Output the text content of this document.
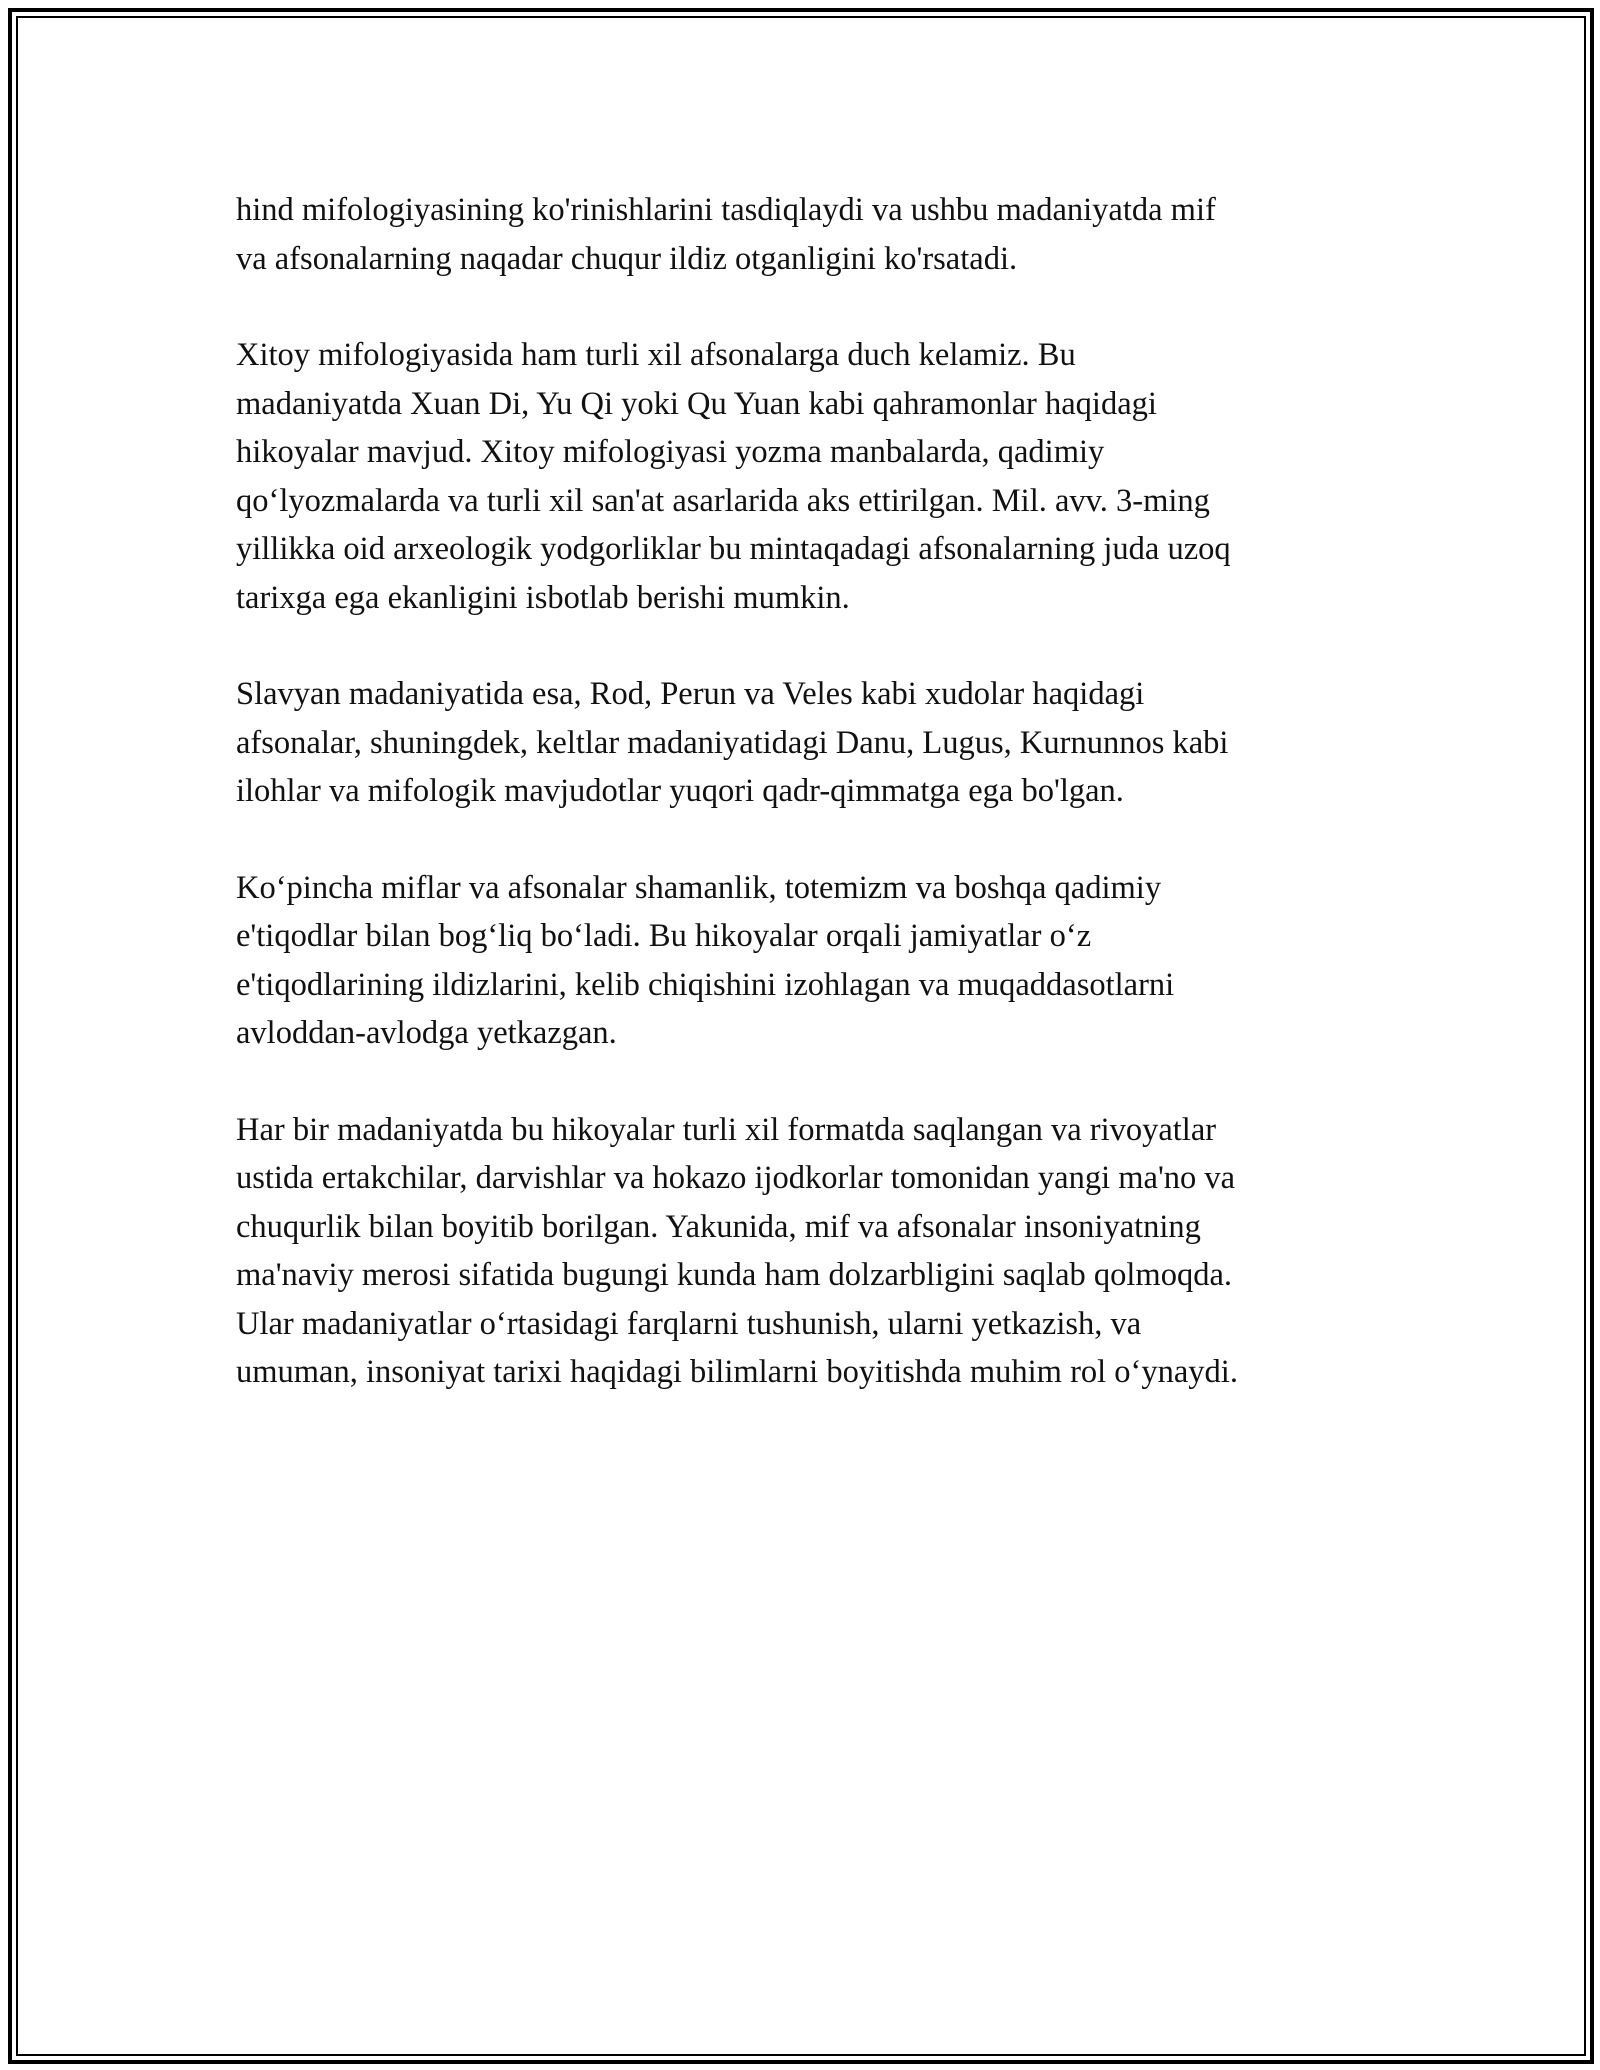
hind mifologiyasining ko'rinishlarini tasdiqlaydi va ushbu madaniyatda mif
va afsonalarning naqadar chuqur ildiz otganligini ko'rsatadi.

Xitoy mifologiyasida ham turli xil afsonalarga duch kelamiz. Bu
madaniyatda Xuan Di, Yu Qi yoki Qu Yuan kabi qahramonlar haqidagi
hikoyalar mavjud. Xitoy mifologiyasi yozma manbalarda, qadimiy
qo‘lyozmalarda va turli xil san'at asarlarida aks ettirilgan. Mil. avv. 3-ming
yillikka oid arxeologik yodgorliklar bu mintaqadagi afsonalarning juda uzoq
tarixga ega ekanligini isbotlab berishi mumkin.

Slavyan madaniyatida esa, Rod, Perun va Veles kabi xudolar haqidagi
afsonalar, shuningdek, keltlar madaniyatidagi Danu, Lugus, Kurnunnos kabi
ilohlar va mifologik mavjudotlar yuqori qadr-qimmatga ega bo'lgan.

Ko‘pincha miflar va afsonalar shamanlik, totemizm va boshqa qadimiy
e'tiqodlar bilan bog‘liq bo‘ladi. Bu hikoyalar orqali jamiyatlar o‘z
e'tiqodlarining ildizlarini, kelib chiqishini izohlagan va muqaddasotlarni
avloddan-avlodga yetkazgan.

Har bir madaniyatda bu hikoyalar turli xil formatda saqlangan va rivoyatlar
ustida ertakchilar, darvishlar va hokazo ijodkorlar tomonidan yangi ma'no va
chuqurlik bilan boyitib borilgan. Yakunida, mif va afsonalar insoniyatning
ma'naviy merosi sifatida bugungi kunda ham dolzarbligini saqlab qolmoqda.
Ular madaniyatlar o‘rtasidagi farqlarni tushunish, ularni yetkazish, va
umuman, insoniyat tarixi haqidagi bilimlarni boyitishda muhim rol o‘ynaydi.
